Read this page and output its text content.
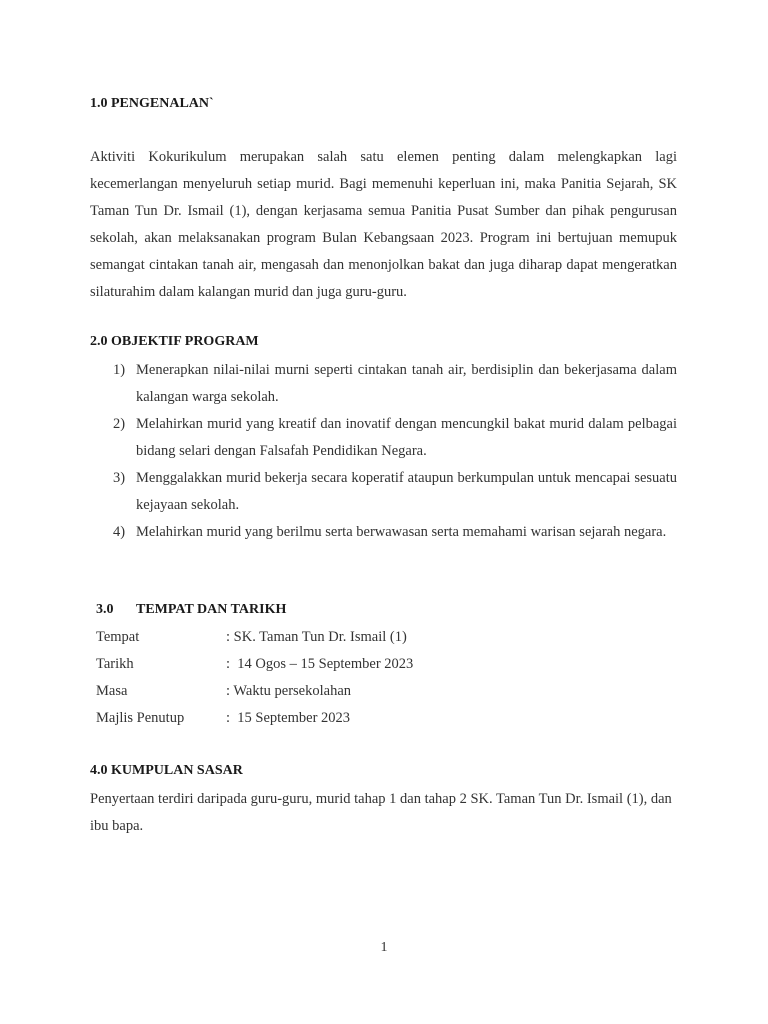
1.0 PENGENALAN`

Aktiviti Kokurikulum merupakan salah satu elemen penting dalam melengkapkan lagi kecemerlangan menyeluruh setiap murid. Bagi memenuhi keperluan ini, maka Panitia Sejarah, SK Taman Tun Dr. Ismail (1), dengan kerjasama semua Panitia Pusat Sumber dan pihak pengurusan sekolah, akan melaksanakan program Bulan Kebangsaan 2023. Program ini bertujuan memupuk semangat cintakan tanah air, mengasah dan menonjolkan bakat dan juga diharap dapat mengeratkan silaturahim dalam kalangan murid dan juga guru-guru.

2.0 OBJEKTIF PROGRAM
1) Menerapkan nilai-nilai murni seperti cintakan tanah air, berdisiplin dan bekerjasama dalam kalangan warga sekolah.
2) Melahirkan murid yang kreatif dan inovatif dengan mencungkil bakat murid dalam pelbagai bidang selari dengan Falsafah Pendidikan Negara.
3) Menggalakkan murid bekerja secara koperatif ataupun berkumpulan untuk mencapai sesuatu kejayaan sekolah.
4) Melahirkan murid yang berilmu serta berwawasan serta memahami warisan sejarah negara.
3.0 TEMPAT DAN TARIKH
Tempat	: SK. Taman Tun Dr. Ismail (1)
Tarikh	:  14 Ogos – 15 September 2023
Masa	: Waktu persekolahan
Majlis Penutup	:  15 September 2023
4.0 KUMPULAN SASAR

Penyertaan terdiri daripada guru-guru, murid tahap 1 dan tahap 2 SK. Taman Tun Dr. Ismail (1), dan ibu bapa.

1
